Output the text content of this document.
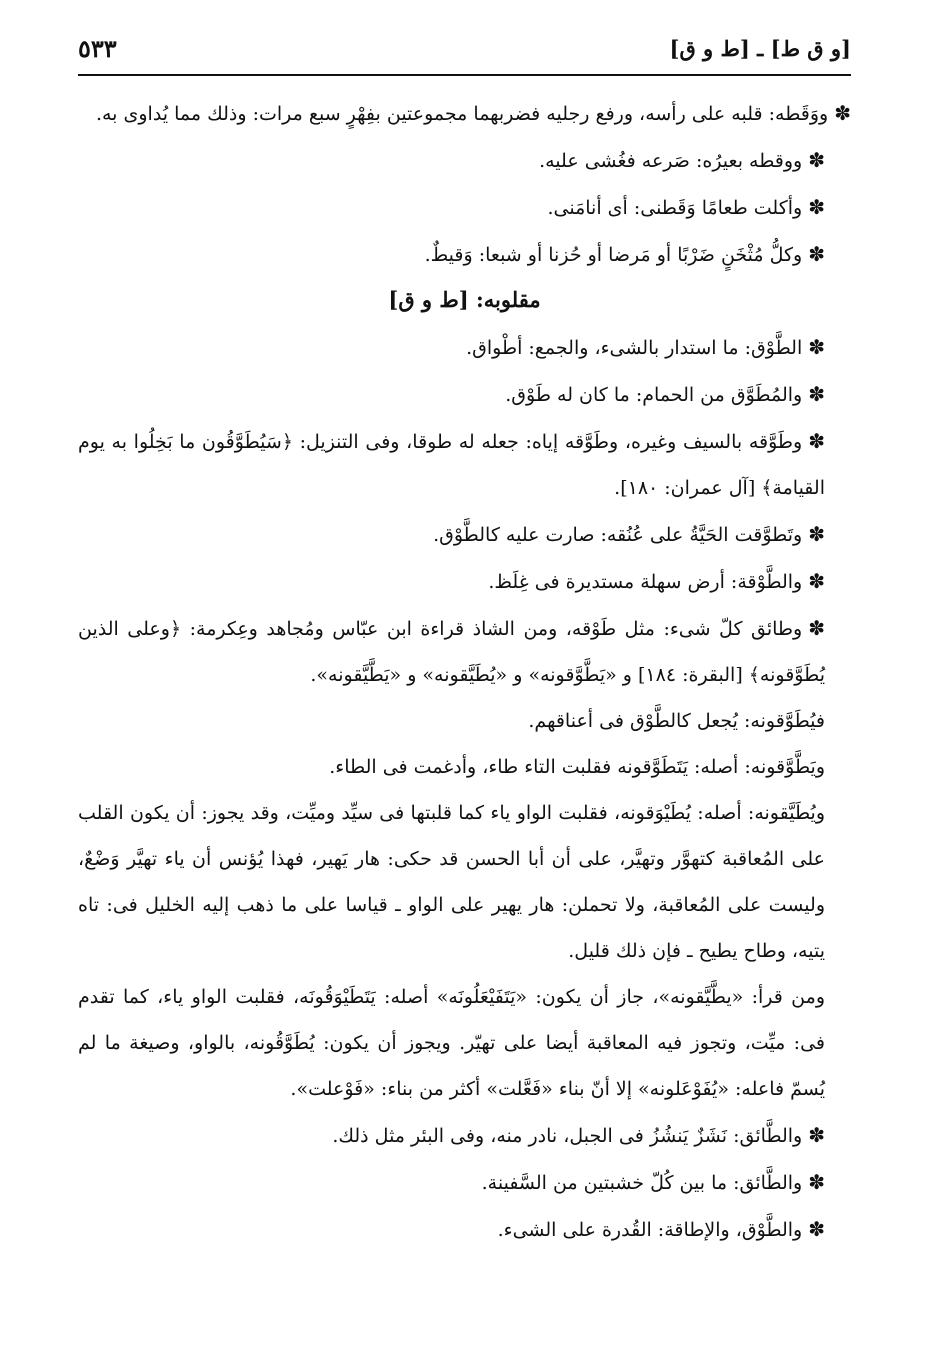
[و ق ط] ـ [ط و ق]
٥٣٣

✽ووَقَطه: قلبه على رأسه، ورفع رجليه فضربهما مجموعتين بفِهْرٍ سبع مرات: وذلك مما يُداوى به.

✽ووقطه بعيرُه: صَرعه فغُشى عليه.

✽وأكلت طعامًا وَقَطنى: أى أنامَنى.

✽وكلُّ مُثْخَنٍ ضَرْبًا أو مَرضا أو حُزنا أو شبعا: وَقيطٌ.

مقلوبه: [ط و ق]

✽الطَّوْق: ما استدار بالشىء، والجمع: أطْواق.

✽والمُطَوَّق من الحمام: ما كان له طَوْق.

✽وطَوَّقه بالسيف وغيره، وطَوَّقه إياه: جعله له طوقا، وفى التنزيل: ﴿سَيُطَوَّقُون ما بَخِلُوا به يوم القيامة﴾ [آل عمران: ١٨٠].

✽وتَطوَّقت الحَيَّةُ على عُنُقه: صارت عليه كالطَّوْق.

✽والطَّوْقة: أرض سهلة مستديرة فى غِلَظ.

✽وطائق كلّ شىء: مثل طَوْقه، ومن الشاذ قراءة ابن عبّاس ومُجاهد وعِكرمة: ﴿وعلى الذين يُطَوَّقونه﴾ [البقرة: ١٨٤] و «يَطَّوَّقونه» و «يُطَيَّقونه» و «يَطَّيَّقونه».

فيُطَوَّقونه: يُجعل كالطَّوْق فى أعناقهم.

ويَطَّوَّقونه: أصله: يَتَطَوَّقونه فقلبت التاء طاء، وأدغمت فى الطاء.

ويُطَيَّقونه: أصله: يُطَيْوَقونه، فقلبت الواو ياء كما قلبتها فى سيِّد وميِّت، وقد يجوز: أن يكون القلب على المُعاقبة كتهوَّر وتهيَّر، على أن أبا الحسن قد حكى: هار يَهير، فهذا يُؤنس أن ياء تهيَّر وَضْعٌ، وليست على المُعاقبة، ولا تحملن: هار يهير على الواو ـ قياسا على ما ذهب إليه الخليل فى: تاه يتيه، وطاح يطيح ـ فإن ذلك قليل.

ومن قرأ: «يطَّيَّقونه»، جاز أن يكون: «يَتَفَيْعَلُونَه» أصله: يَتَطَيْوَقُونَه، فقلبت الواو ياء، كما تقدم فى: ميِّت، وتجوز فيه المعاقبة أيضا على تهيّر. ويجوز أن يكون: يُطَوَّقُونه، بالواو، وصيغة ما لم يُسمّ فاعله: «يُفَوْعَلونه» إلا أنّ بناء «فَعَّلت» أكثر من بناء: «فَوْعلت».

✽والطَّائق: نَشَزٌ يَنشُزُ فى الجبل، نادر منه، وفى البئر مثل ذلك.

✽والطَّائق: ما بين كُلّ خشبتين من السَّفينة.

✽والطَّوْق، والإطاقة: القُدرة على الشىء.
